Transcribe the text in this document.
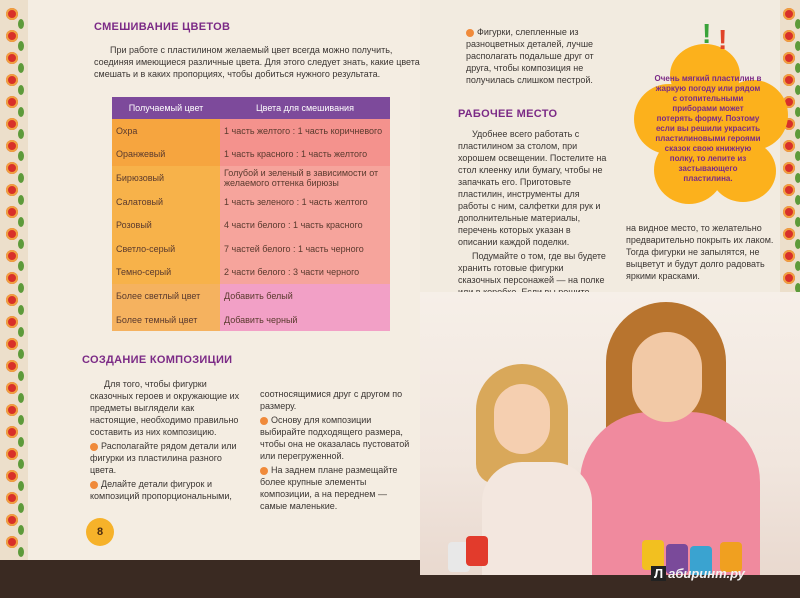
СМЕШИВАНИЕ ЦВЕТОВ

При работе с пластилином желаемый цвет всегда можно получить, соединяя имеющиеся различные цвета. Для этого следует знать, какие цвета смешать и в каких пропорциях, чтобы добиться нужного результата.

Получаемый цвет	Цвета для смешивания
Охра	1 часть желтого : 1 часть коричневого
Оранжевый	1 часть красного : 1 часть желтого
Бирюзовый	Голубой и зеленый в зависимости от желаемого оттенка бирюзы
Салатовый	1 часть зеленого : 1 часть желтого
Розовый	4 части белого : 1 часть красного
Светло-серый	7 частей белого : 1 часть черного
Темно-серый	2 части белого : 3 части черного
Более светлый цвет	Добавить белый
Более темный цвет	Добавить черный
СОЗДАНИЕ КОМПОЗИЦИИ

Для того, чтобы фигурки сказочных героев и окружающие их предметы выглядели как настоящие, необходимо правильно составить из них композицию.

Располагайте рядом детали или фигурки из пластилина разного цвета.

Делайте детали фигурок и композиций пропорциональными,

соотносящимися друг с другом по размеру.

Основу для композиции выбирайте подходящего размера, чтобы она не оказалась пустоватой или перегруженной.

На заднем плане размещайте более крупные элементы композиции, а на переднем — самые маленькие.

8

Фигурки, слепленные из разноцветных деталей, лучше располагать подальше друг от друга, чтобы композиция не получилась слишком пестрой.

РАБОЧЕЕ МЕСТО

Удобнее всего работать с пластилином за столом, при хорошем освещении. Постелите на стол клеенку или бумагу, чтобы не запачкать его. Приготовьте пластилин, инструменты для работы с ним, салфетки для рук и дополнительные материалы, перечень которых указан в описании каждой поделки.

Подумайте о том, где вы будете хранить готовые фигурки сказочных персонажей — на полке

на видное место, то желательно предварительно покрыть их лаком. Тогда фигурки не запылятся, не выцветут и будут долго радовать яркими красками.

! !

Очень мягкий пластилин в жаркую погоду или рядом с отопительными приборами может потерять форму. Поэтому если вы решили украсить пластилиновыми героями сказок свою книжную полку, то лепите из застывающего пластилина.

Л абиринт.ру
